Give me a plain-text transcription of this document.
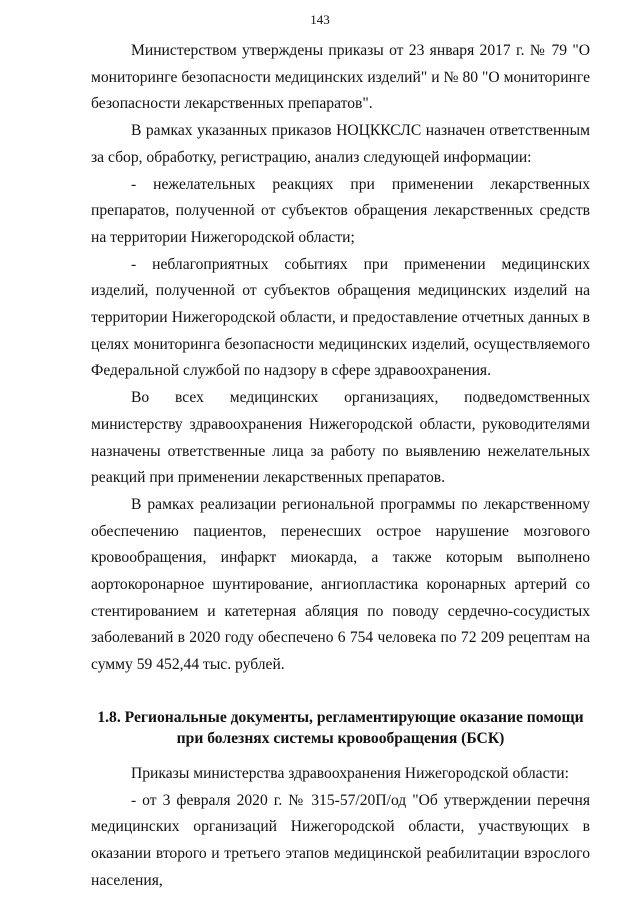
143

Министерством утверждены приказы от 23 января 2017 г. № 79 "О мониторинге безопасности медицинских изделий" и № 80 "О мониторинге безопасности лекарственных препаратов".

В рамках указанных приказов НОЦККСЛС назначен ответственным за сбор, обработку, регистрацию, анализ следующей информации:

- нежелательных реакциях при применении лекарственных препаратов, полученной от субъектов обращения лекарственных средств на территории Нижегородской области;

- неблагоприятных событиях при применении медицинских изделий, полученной от субъектов обращения медицинских изделий на территории Нижегородской области, и предоставление отчетных данных в целях мониторинга безопасности медицинских изделий, осуществляемого Федеральной службой по надзору в сфере здравоохранения.

Во всех медицинских организациях, подведомственных министерству здравоохранения Нижегородской области, руководителями назначены ответственные лица за работу по выявлению нежелательных реакций при применении лекарственных препаратов.

В рамках реализации региональной программы по лекарственному обеспечению пациентов, перенесших острое нарушение мозгового кровообращения, инфаркт миокарда, а также которым выполнено аортокоронарное шунтирование, ангиопластика коронарных артерий со стентированием и катетерная абляция по поводу сердечно-сосудистых заболеваний в 2020 году обеспечено 6 754 человека по 72 209 рецептам на сумму 59 452,44 тыс. рублей.

1.8. Региональные документы, регламентирующие оказание помощи при болезнях системы кровообращения (БСК)

Приказы министерства здравоохранения Нижегородской области:

- от 3 февраля 2020 г. № 315-57/20П/од "Об утверждении перечня медицинских организаций Нижегородской области, участвующих в оказании второго и третьего этапов медицинской реабилитации взрослого населения,
